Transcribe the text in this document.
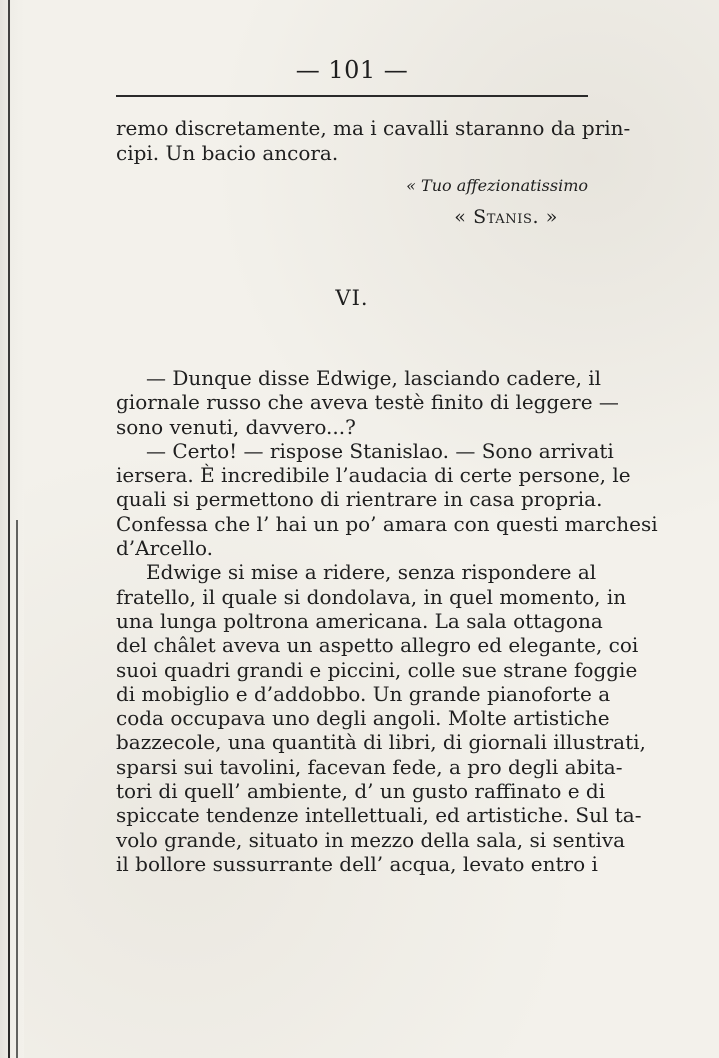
— 101 —
remo discretamente, ma i cavalli staranno da prin-
cipi. Un bacio ancora.
« Tuo affezionatissimo
« Stanis. »
VI.
— Dunque disse Edwige, lasciando cadere, il
giornale russo che aveva testè finito di leggere —
sono venuti, davvero...?
— Certo! — rispose Stanislao. — Sono arrivati
iersera. È incredibile l’audacia di certe persone, le
quali si permettono di rientrare in casa propria.
Confessa che l’ hai un po’ amara con questi marchesi
d’Arcello.
Edwige si mise a ridere, senza rispondere al
fratello, il quale si dondolava, in quel momento, in
una lunga poltrona americana. La sala ottagona
del châlet aveva un aspetto allegro ed elegante, coi
suoi quadri grandi e piccini, colle sue strane foggie
di mobiglio e d’addobbo. Un grande pianoforte a
coda occupava uno degli angoli. Molte artistiche
bazzecole, una quantità di libri, di giornali illustrati,
sparsi sui tavolini, facevan fede, a pro degli abita-
tori di quell’ ambiente, d’ un gusto raffinato e di
spiccate tendenze intellettuali, ed artistiche. Sul ta-
volo grande, situato in mezzo della sala, si sentiva
il bollore sussurrante dell’ acqua, levato entro i
